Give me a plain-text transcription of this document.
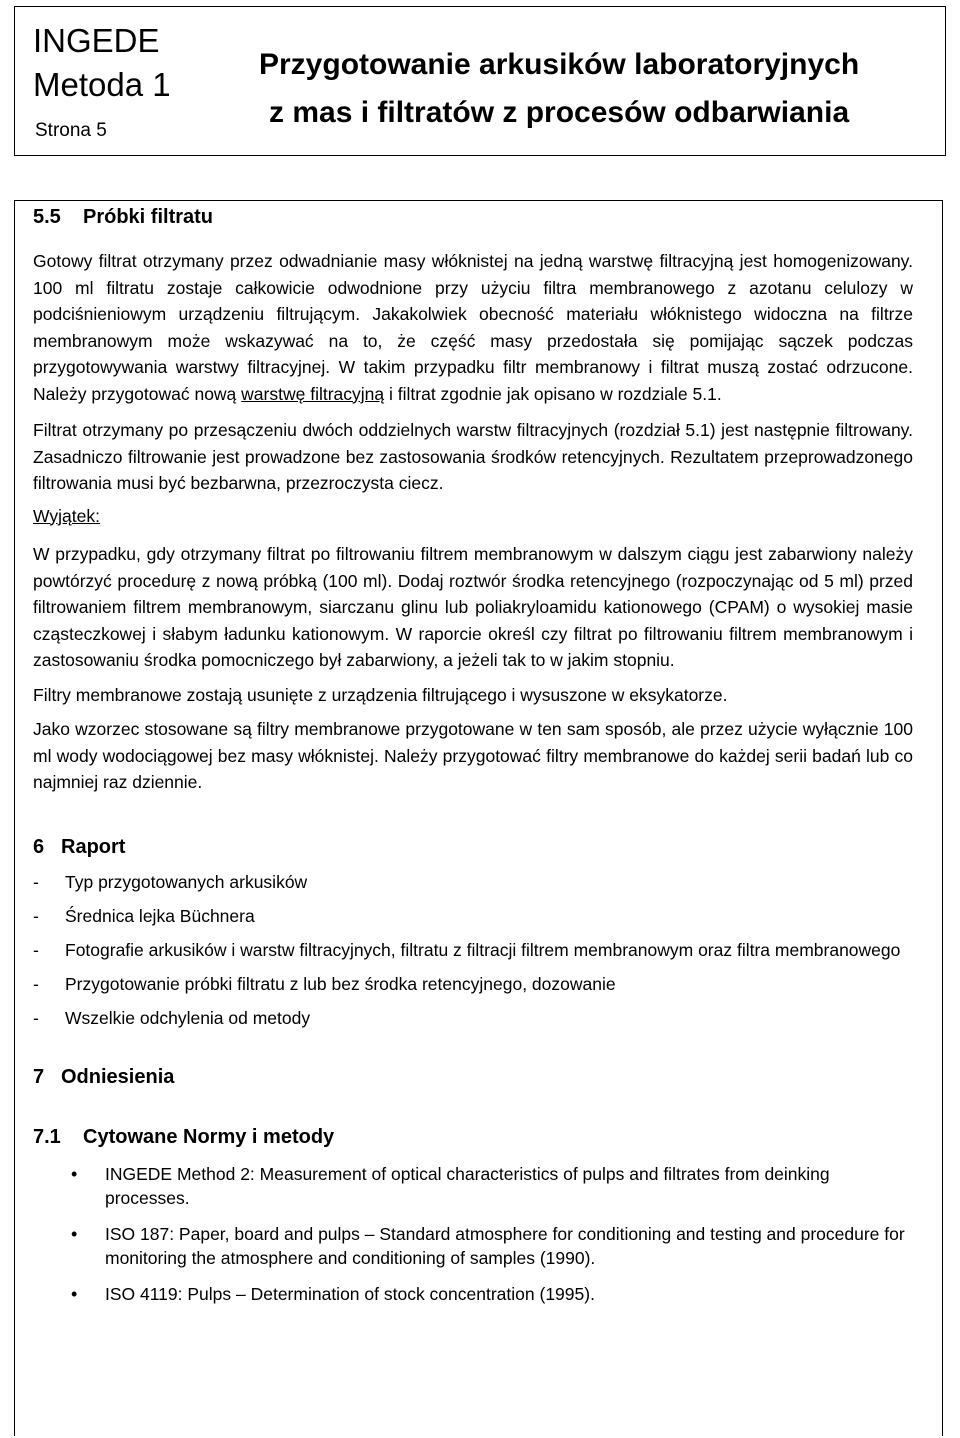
INGEDE
Metoda 1
Strona 5
Przygotowanie arkusików laboratoryjnych
z mas i filtratów z procesów odbarwiania
5.5 Próbki filtratu

Gotowy filtrat otrzymany przez odwadnianie masy włóknistej na jedną warstwę filtracyjną jest homogenizowany. 100 ml filtratu zostaje całkowicie odwodnione przy użyciu filtra membranowego z azotanu celulozy w podciśnieniowym urządzeniu filtrującym. Jakakolwiek obecność materiału włóknistego widoczna na filtrze membranowym może wskazywać na to, że część masy przedostała się pomijając sączek podczas przygotowywania warstwy filtracyjnej. W takim przypadku filtr membranowy i filtrat muszą zostać odrzucone. Należy przygotować nową warstwę filtracyjną i filtrat zgodnie jak opisano w rozdziale 5.1.

Filtrat otrzymany po przesączeniu dwóch oddzielnych warstw filtracyjnych (rozdział 5.1) jest następnie filtrowany. Zasadniczo filtrowanie jest prowadzone bez zastosowania środków retencyjnych. Rezultatem przeprowadzonego filtrowania musi być bezbarwna, przezroczysta ciecz.

Wyjątek:

W przypadku, gdy otrzymany filtrat po filtrowaniu filtrem membranowym w dalszym ciągu jest zabarwiony należy powtórzyć procedurę z nową próbką (100 ml). Dodaj roztwór środka retencyjnego (rozpoczynając od 5 ml) przed filtrowaniem filtrem membranowym, siarczanu glinu lub poliakryloamidu kationowego (CPAM) o wysokiej masie cząsteczkowej i słabym ładunku kationowym. W raporcie określ czy filtrat po filtrowaniu filtrem membranowym i zastosowaniu środka pomocniczego był zabarwiony, a jeżeli tak to w jakim stopniu.

Filtry membranowe zostają usunięte z urządzenia filtrującego i wysuszone w eksykatorze.

Jako wzorzec stosowane są filtry membranowe przygotowane w ten sam sposób, ale przez użycie wyłącznie 100 ml wody wodociągowej bez masy włóknistej. Należy przygotować filtry membranowe do każdej serii badań lub co najmniej raz dziennie.

6 Raport
- Typ przygotowanych arkusików
- Średnica lejka Büchnera
- Fotografie arkusików i warstw filtracyjnych, filtratu z filtracji filtrem membranowym oraz filtra membranowego
- Przygotowanie próbki filtratu z lub bez środka retencyjnego, dozowanie
- Wszelkie odchylenia od metody
7 Odniesienia
7.1 Cytowane Normy i metody
• INGEDE Method 2: Measurement of optical characteristics of pulps and filtrates from deinking processes.
• ISO 187: Paper, board and pulps – Standard atmosphere for conditioning and testing and procedure for monitoring the atmosphere and conditioning of samples (1990).
• ISO 4119: Pulps – Determination of stock concentration (1995).
